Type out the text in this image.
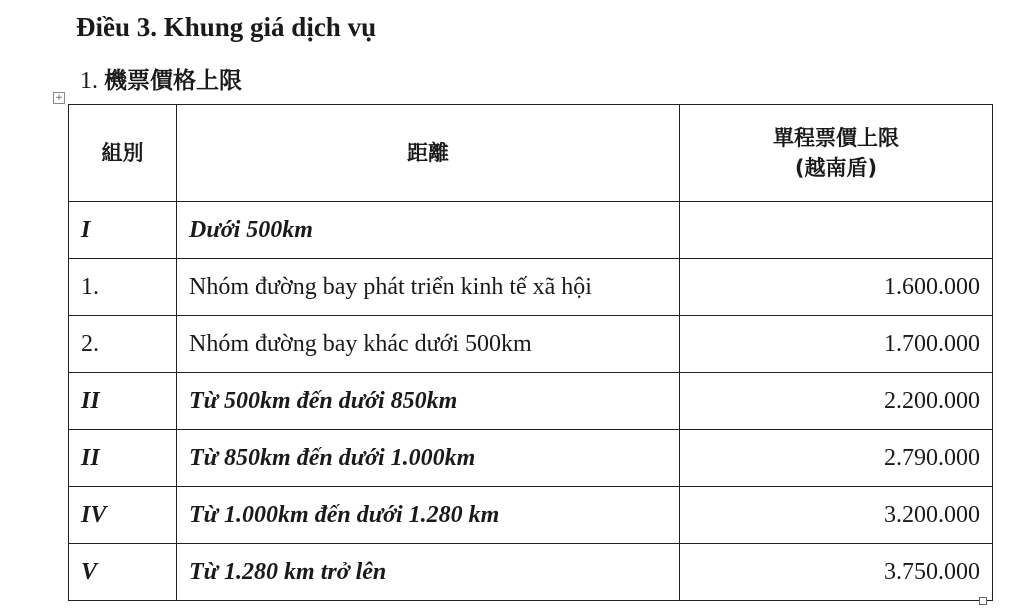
Điều 3. Khung giá dịch vụ
1. 機票價格上限
+
組別	距離	單程票價上限
(越南盾)

I	Dưới 500km	
1.	Nhóm đường bay phát triển kinh tế xã hội	1.600.000
2.	Nhóm đường bay khác dưới 500km	1.700.000
II	Từ 500km đến dưới 850km	2.200.000
II	Từ 850km đến dưới 1.000km	2.790.000
IV	Từ 1.000km đến dưới 1.280 km	3.200.000
V	Từ 1.280 km trở lên	3.750.000
